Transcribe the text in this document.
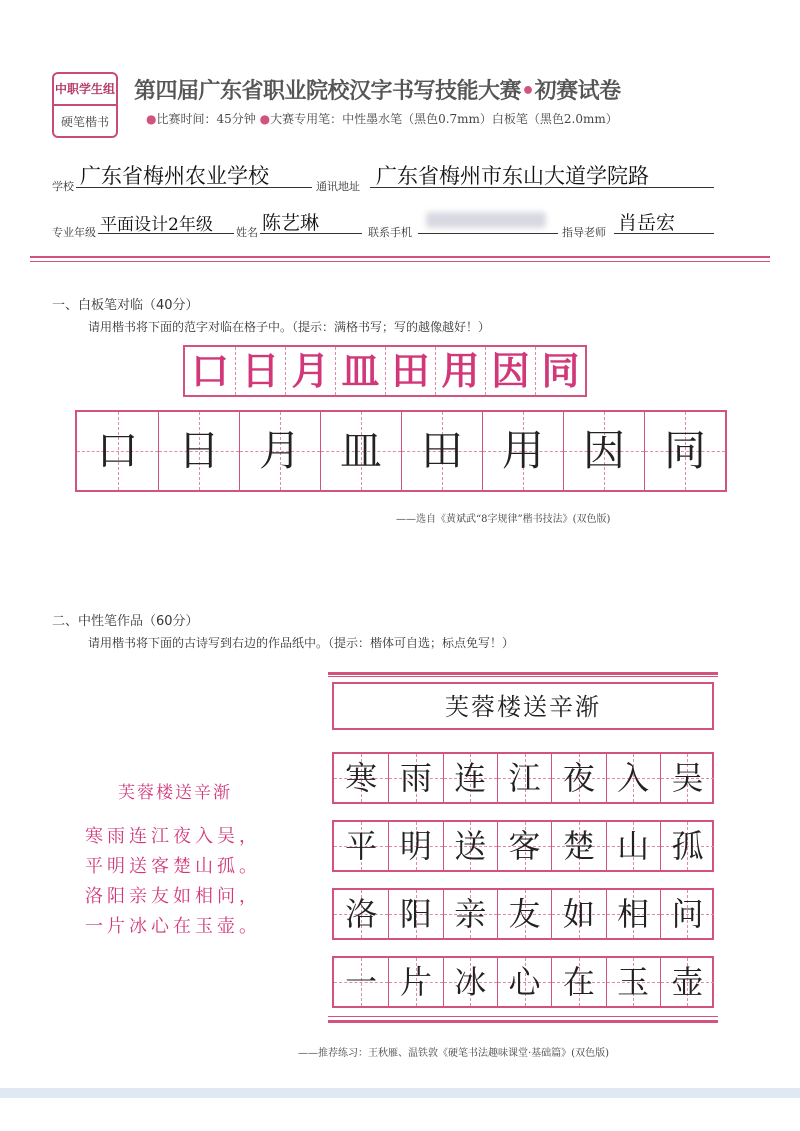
中职学生组
硬笔楷书
第四届广东省职业院校汉字书写技能大赛•初赛试卷
●比赛时间：45分钟 ●大赛专用笔：中性墨水笔（黑色0.7mm）白板笔（黑色2.0mm）
学校 广东省梅州农业学校	通讯地址 广东省梅州市东山大道学院路
专业年级 平面设计2年级 姓名 陈艺琳	联系手机	指导老师 肖岳宏
一、白板笔对临（40分）
请用楷书将下面的范字对临在格子中。（提示：满格书写；写的越像越好！）
口 日 月 皿 田 用 因 同
口 日 月 皿 田 用 因 同
——选自《黄斌武“8字规律”楷书技法》(双色版)
二、中性笔作品（60分）
请用楷书将下面的古诗写到右边的作品纸中。（提示：楷体可自选；标点免写！）
芙蓉楼送辛渐
寒雨连江夜入吴，
平明送客楚山孤。
洛阳亲友如相问，
一片冰心在玉壶。
芙蓉楼送辛渐
寒 雨 连 江 夜 入 吴
平 明 送 客 楚 山 孤
洛 阳 亲 友 如 相 问
一 片 冰 心 在 玉 壶
——推荐练习：王秋雁、温铁敦《硬笔书法趣味课堂·基础篇》(双色版)
